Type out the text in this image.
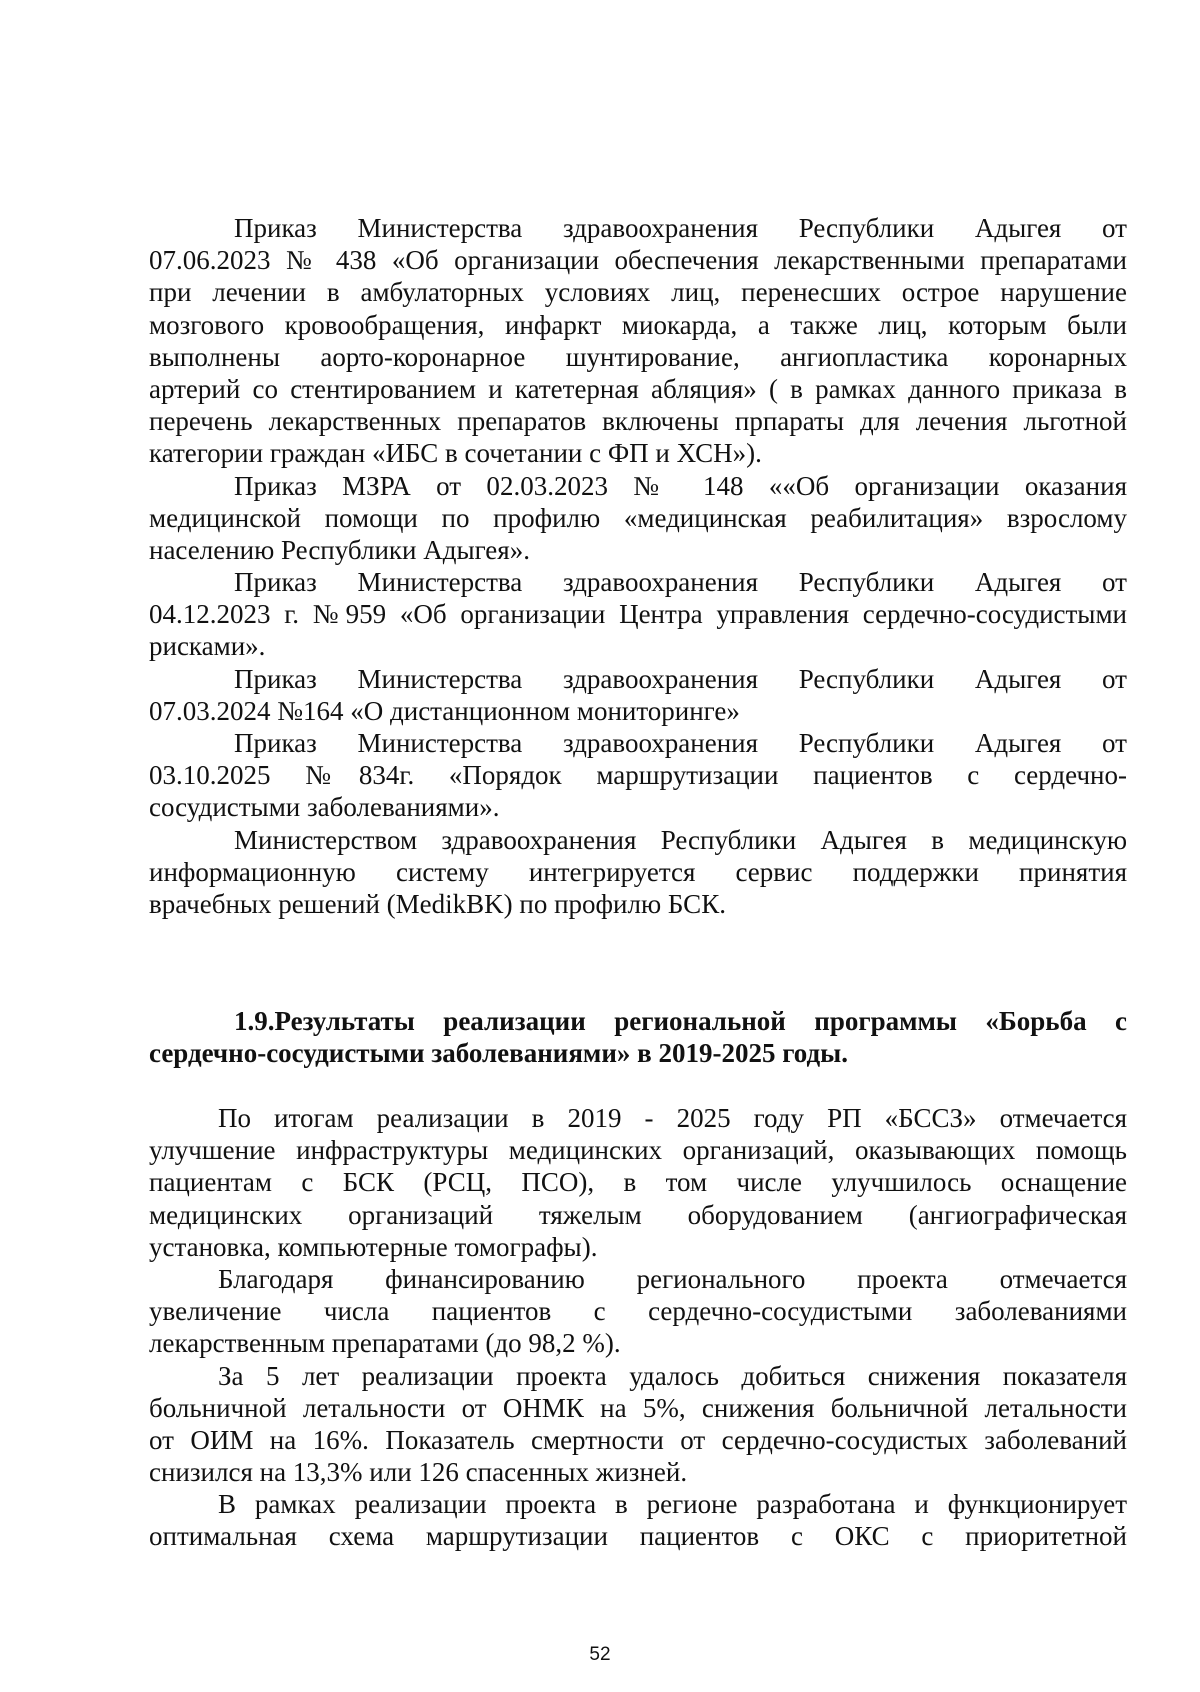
Приказ Министерства здравоохранения Республики Адыгея от
07.06.2023 № 438 «Об организации обеспечения лекарственными препаратами
при лечении в амбулаторных условиях лиц, перенесших острое нарушение
мозгового кровообращения, инфаркт миокарда, а также лиц, которым были
выполнены аорто-коронарное шунтирование, ангиопластика коронарных
артерий со стентированием и катетерная абляция» ( в рамках данного приказа в
перечень лекарственных препаратов включены прпараты для лечения льготной
категории граждан «ИБС в сочетании с ФП и ХСН»).
Приказ МЗРА от 02.03.2023 № 148 ««Об организации оказания
медицинской помощи по профилю «медицинская реабилитация» взрослому
населению Республики Адыгея».
Приказ Министерства здравоохранения Республики Адыгея от
04.12.2023 г. №959 «Об организации Центра управления сердечно-сосудистыми
рисками».
Приказ Министерства здравоохранения Республики Адыгея от
07.03.2024 №164 «О дистанционном мониторинге»
Приказ Министерства здравоохранения Республики Адыгея от
03.10.2025 №834г. «Порядок маршрутизации пациентов с сердечно-
сосудистыми заболеваниями».
Министерством здравоохранения Республики Адыгея в медицинскую
информационную систему интегрируется сервис поддержки принятия
врачебных решений (MedikBK) по профилю БСК.
1.9.Результаты реализации региональной программы «Борьба с
сердечно-сосудистыми заболеваниями» в 2019-2025 годы.
По итогам реализации в 2019 - 2025 году РП «БССЗ» отмечается
улучшение инфраструктуры медицинских организаций, оказывающих помощь
пациентам с БСК (РСЦ, ПСО), в том числе улучшилось оснащение
медицинских организаций тяжелым оборудованием (ангиографическая
установка, компьютерные томографы).
Благодаря финансированию регионального проекта отмечается
увеличение числа пациентов с сердечно-сосудистыми заболеваниями
лекарственным препаратами (до 98,2 %).
За 5 лет реализации проекта удалось добиться снижения показателя
больничной летальности от ОНМК на 5%, снижения больничной летальности
от ОИМ на 16%. Показатель смертности от сердечно-сосудистых заболеваний
снизился на 13,3% или 126 спасенных жизней.
В рамках реализации проекта в регионе разработана и функционирует
оптимальная схема маршрутизации пациентов с ОКС с приоритетной
52
